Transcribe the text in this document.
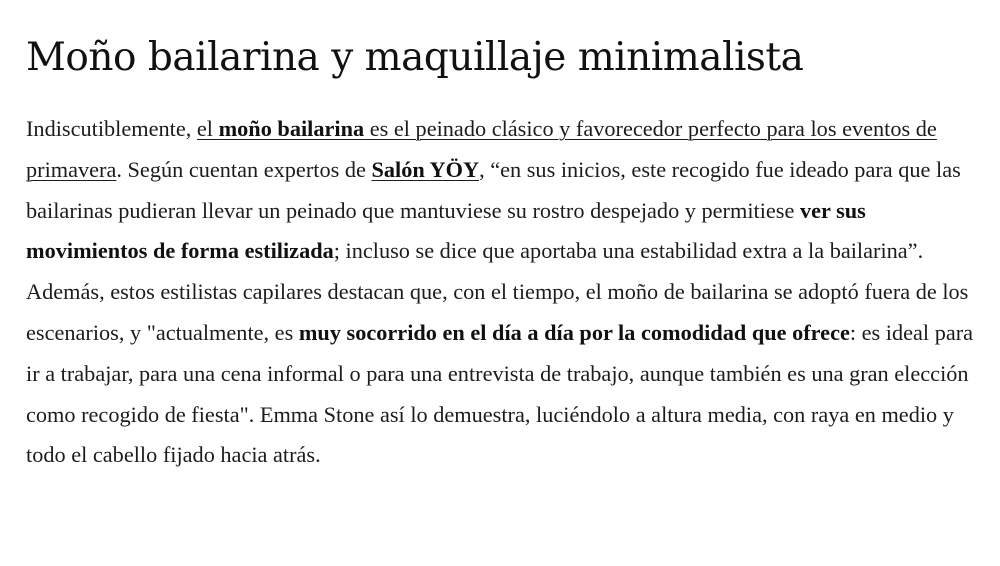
Moño bailarina y maquillaje minimalista

Indiscutiblemente, el moño bailarina es el peinado clásico y favorecedor perfecto para los eventos de primavera. Según cuentan expertos de Salón YÖY, “en sus inicios, este recogido fue ideado para que las bailarinas pudieran llevar un peinado que mantuviese su rostro despejado y permitiese ver sus movimientos de forma estilizada; incluso se dice que aportaba una estabilidad extra a la bailarina”. Además, estos estilistas capilares destacan que, con el tiempo, el moño de bailarina se adoptó fuera de los escenarios, y "actualmente, es muy socorrido en el día a día por la comodidad que ofrece: es ideal para ir a trabajar, para una cena informal o para una entrevista de trabajo, aunque también es una gran elección como recogido de fiesta". Emma Stone así lo demuestra, luciéndolo a altura media, con raya en medio y todo el cabello fijado hacia atrás.
